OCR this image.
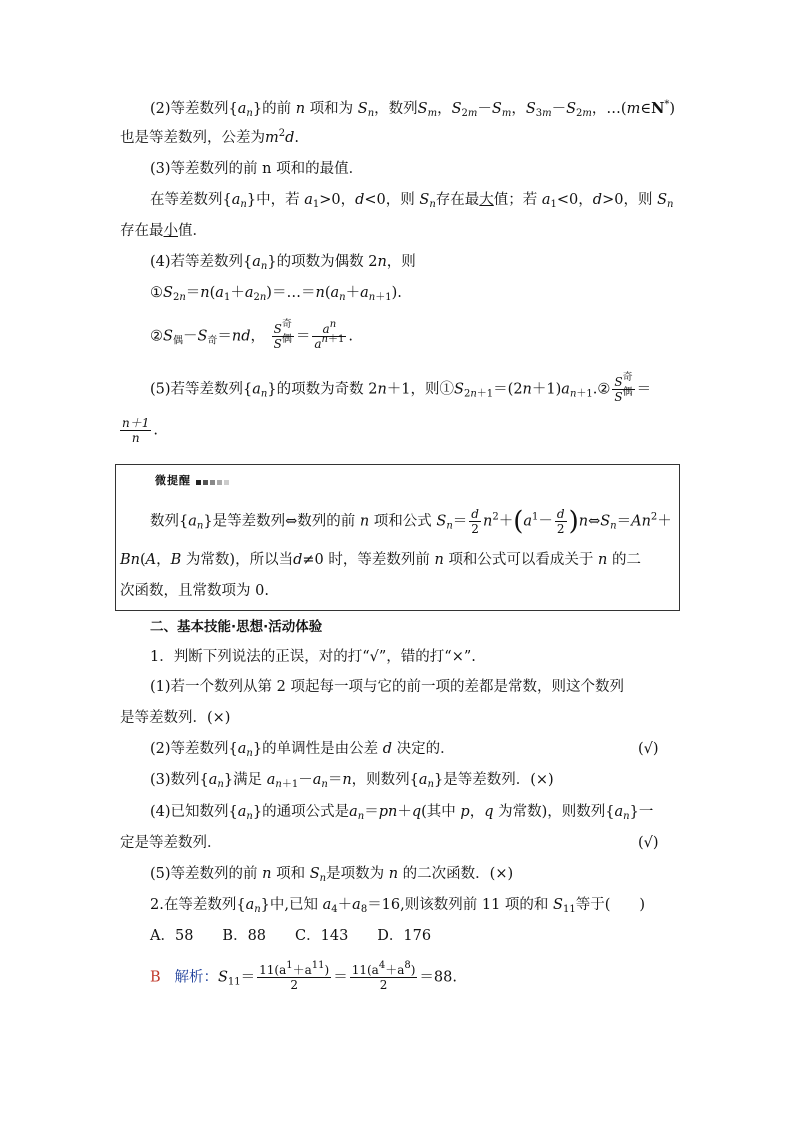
(2)等差数列$\{a_n\}$的前 n 项和为 $S_n$，数列$S_m$，$S_{2m}-S_m$，$S_{3m}-S_{2m}$，…(m∈N*)
也是等差数列，公差为$m^2d$.
(3)等差数列的前 n 项和的最值．
在等差数列$\{a_n\}$中，若 $a_1>0$，d<0，则 $S_n$存在最大值；若 $a_1<0$，d>0，则 $S_n$
存在最小值．
(4)若等差数列$\{a_n\}$的项数为偶数 2n，则
$①S_{2n}=n(a_1+a_{2n})=\dots=n(a_n+a_{n+1})$.
$②S_偶-S_奇=nd$， $\frac{S^奇}{S^偶} = \frac{a^n}{a^{n+1}}$ .
(5)若等差数列$\{a_n\}$的项数为奇数 2n＋1，则$①S_{2n+1}=(2n+1)a_{n+1}.② \frac{S^奇}{S^偶}$ ＝
$\frac{n+1}{n}$ .
微提醒
数列$\{a_n\}$是等差数列⇔数列的前 n 项和公式 $S_n= \frac{d}{2} n^2+(a^1- \frac{d}{2}$ )$n\Leftrightarrow S_n=An^2+$
Bn(A，B 为常数)，所以当d≠0 时，等差数列前 n 项和公式可以看成关于 n 的二
次函数，且常数项为 0.
二、基本技能·思想·活动体验
1．判断下列说法的正误，对的打“√”，错的打“×”.
(1)若一个数列从第 2 项起每一项与它的前一项的差都是常数，则这个数列
是等差数列．(×)
(2)等差数列$\{a_n\}$的单调性是由公差 d 决定的．	(√)
(3)数列$\{a_n\}$满足 $a_{n+1}-a_n=n$，则数列$\{a_n\}$是等差数列．(×)
(4)已知数列$\{a_n\}$的通项公式是$a_n=pn+q$(其中 p，q 为常数)，则数列$\{a_n\}$一
定是等差数列．	(√)
(5)等差数列的前 n 项和 $S_n$是项数为 n 的二次函数．(×)
2.在等差数列$\{a_n\}$中,已知 $a_4+a_8=16$,则该数列前 11 项的和 $S_{11}$等于(　　)
A．58　　B．88　　C．143　　D．176
B 解析：$S_{11}= \frac{11(a^1+a^{11})}{2} = \frac{11(a^4+a^8)}{2} =88$.
